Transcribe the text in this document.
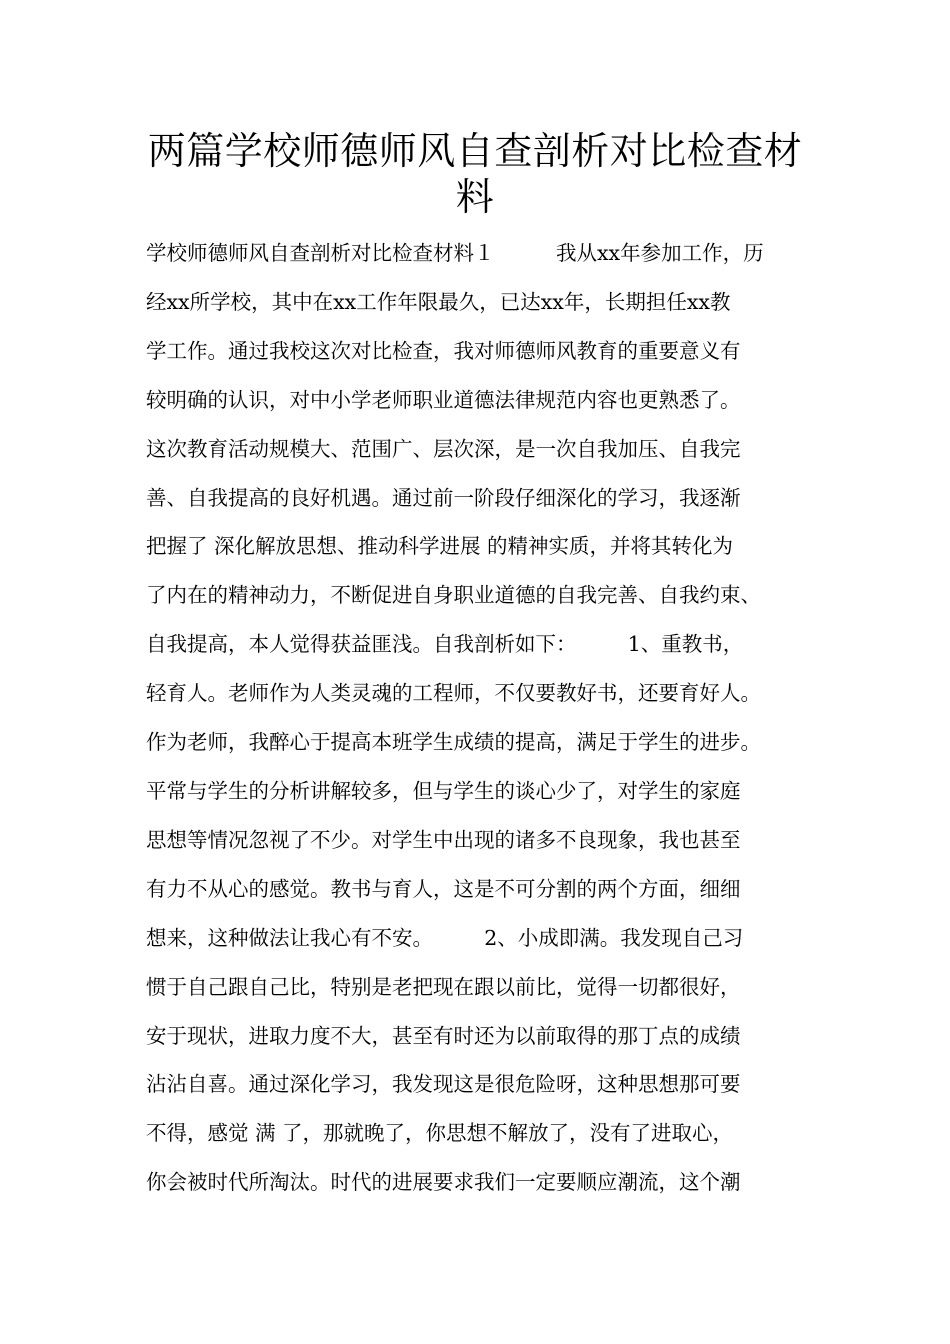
两篇学校师德师风自查剖析对比检查材
料
学校师德师风自查剖析对比检查材料１　　　我从xx年参加工作，历
经xx所学校，其中在xx工作年限最久，已达xx年，长期担任xx教
学工作。通过我校这次对比检查，我对师德师风教育的重要意义有
较明确的认识，对中小学老师职业道德法律规范内容也更熟悉了。
这次教育活动规模大、范围广、层次深，是一次自我加压、自我完
善、自我提高的良好机遇。通过前一阶段仔细深化的学习，我逐渐
把握了 深化解放思想、推动科学进展 的精神实质，并将其转化为
了内在的精神动力，不断促进自身职业道德的自我完善、自我约束、
自我提高，本人觉得获益匪浅。自我剖析如下：　　　1、重教书，
轻育人。老师作为人类灵魂的工程师，不仅要教好书，还要育好人。
作为老师，我醉心于提高本班学生成绩的提高，满足于学生的进步。
平常与学生的分析讲解较多，但与学生的谈心少了，对学生的家庭
思想等情况忽视了不少。对学生中出现的诸多不良现象，我也甚至
有力不从心的感觉。教书与育人，这是不可分割的两个方面，细细
想来，这种做法让我心有不安。　　　2、小成即满。我发现自己习
惯于自己跟自己比，特别是老把现在跟以前比，觉得一切都很好，
安于现状，进取力度不大，甚至有时还为以前取得的那丁点的成绩
沾沾自喜。通过深化学习，我发现这是很危险呀，这种思想那可要
不得，感觉 满 了，那就晚了，你思想不解放了，没有了进取心，
你会被时代所淘汰。时代的进展要求我们一定要顺应潮流，这个潮
